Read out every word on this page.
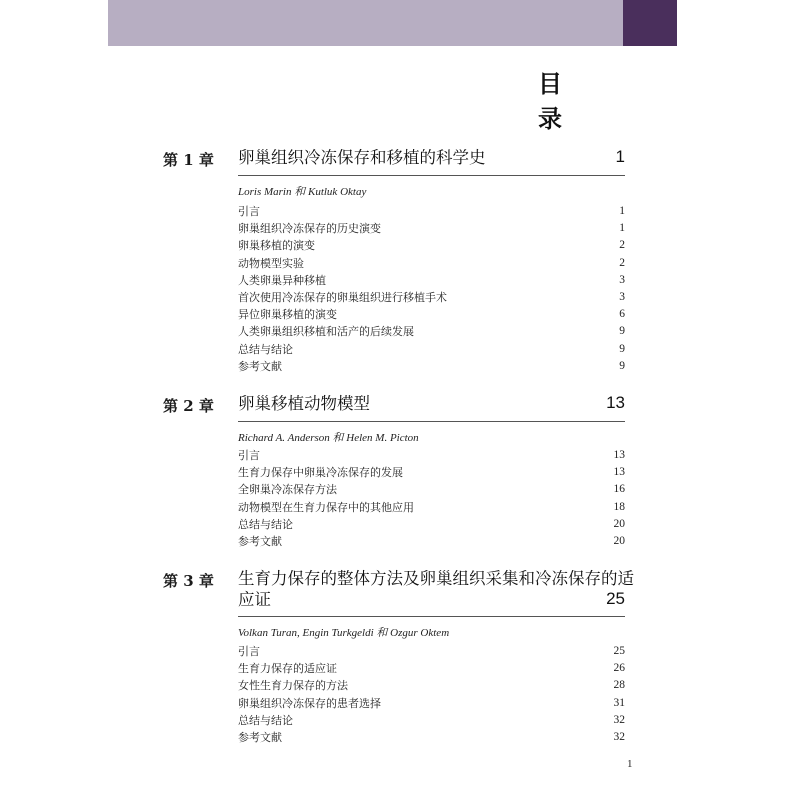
目 录
第 1 章 卵巢组织冷冻保存和移植的科学史	1
Loris Marin 和 Kutluk Oktay
引言	1
卵巢组织冷冻保存的历史演变	1
卵巢移植的演变	2
动物模型实验	2
人类卵巢异种移植	3
首次使用冷冻保存的卵巢组织进行移植手术	3
异位卵巢移植的演变	6
人类卵巢组织移植和活产的后续发展	9
总结与结论	9
参考文献	9
第 2 章 卵巢移植动物模型	13
Richard A. Anderson 和 Helen M. Picton
引言	13
生育力保存中卵巢冷冻保存的发展	13
全卵巢冷冻保存方法	16
动物模型在生育力保存中的其他应用	18
总结与结论	20
参考文献	20
第 3 章 生育力保存的整体方法及卵巢组织采集和冷冻保存的适应证	25
Volkan Turan, Engin Turkgeldi 和 Ozgur Oktem
引言	25
生育力保存的适应证	26
女性生育力保存的方法	28
卵巢组织冷冻保存的患者选择	31
总结与结论	32
参考文献	32
1
